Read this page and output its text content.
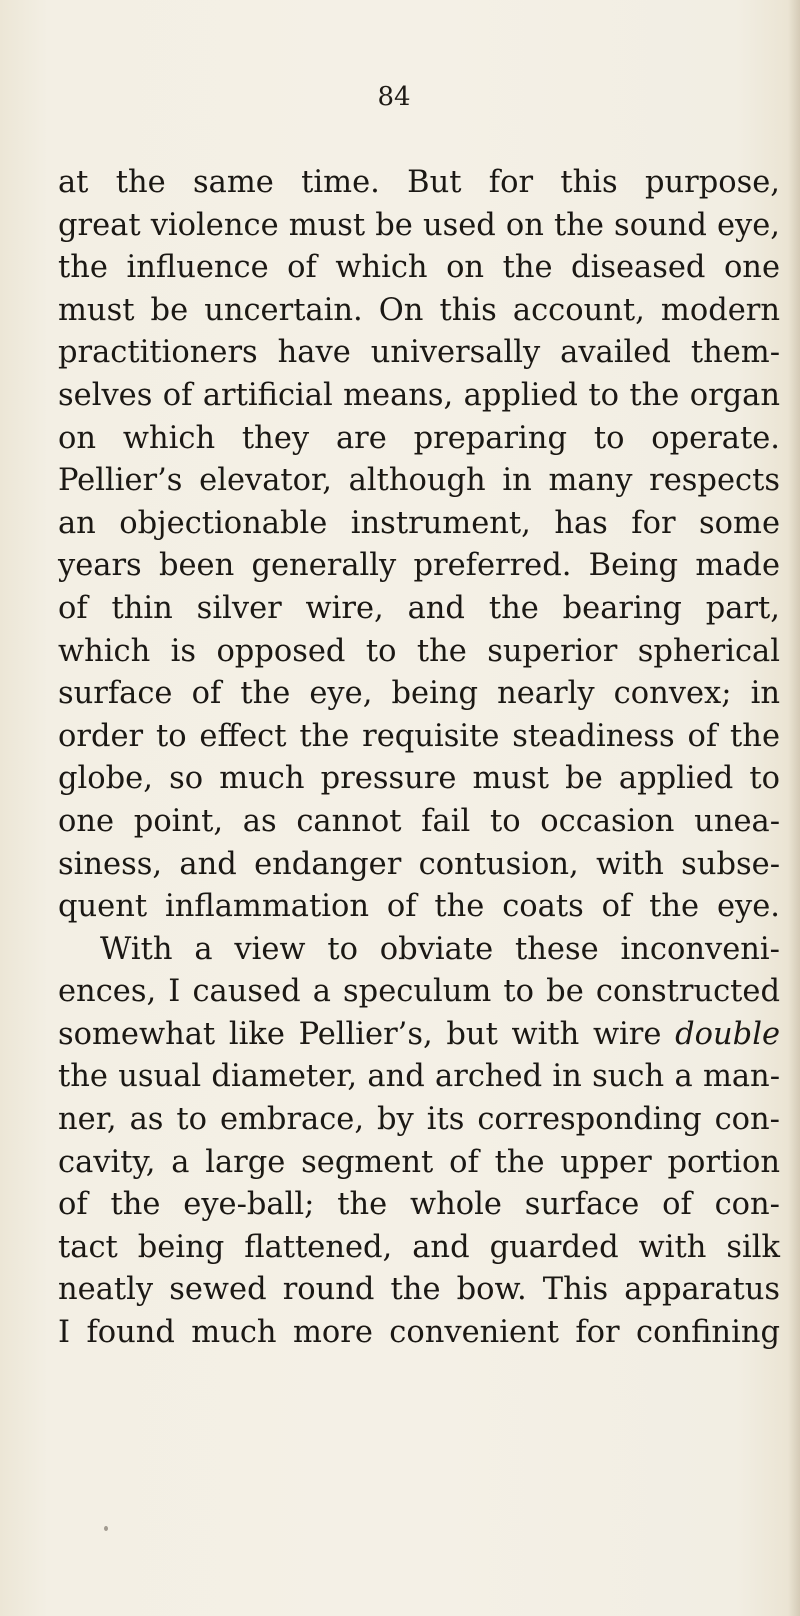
84
at the same time. But for this purpose,
great violence must be used on the sound eye,
the influence of which on the diseased one
must be uncertain. On this account, modern
practitioners have universally availed them-
selves of artificial means, applied to the organ
on which they are preparing to operate.
Pellier’s elevator, although in many respects
an objectionable instrument, has for some
years been generally preferred. Being made
of thin silver wire, and the bearing part,
which is opposed to the superior spherical
surface of the eye, being nearly convex; in
order to effect the requisite steadiness of the
globe, so much pressure must be applied to
one point, as cannot fail to occasion unea-
siness, and endanger contusion, with subse-
quent inflammation of the coats of the eye.
With a view to obviate these inconveni-
ences, I caused a speculum to be constructed
somewhat like Pellier’s, but with wire double
the usual diameter, and arched in such a man-
ner, as to embrace, by its corresponding con-
cavity, a large segment of the upper portion
of the eye-ball; the whole surface of con-
tact being flattened, and guarded with silk
neatly sewed round the bow. This apparatus
I found much more convenient for confining
